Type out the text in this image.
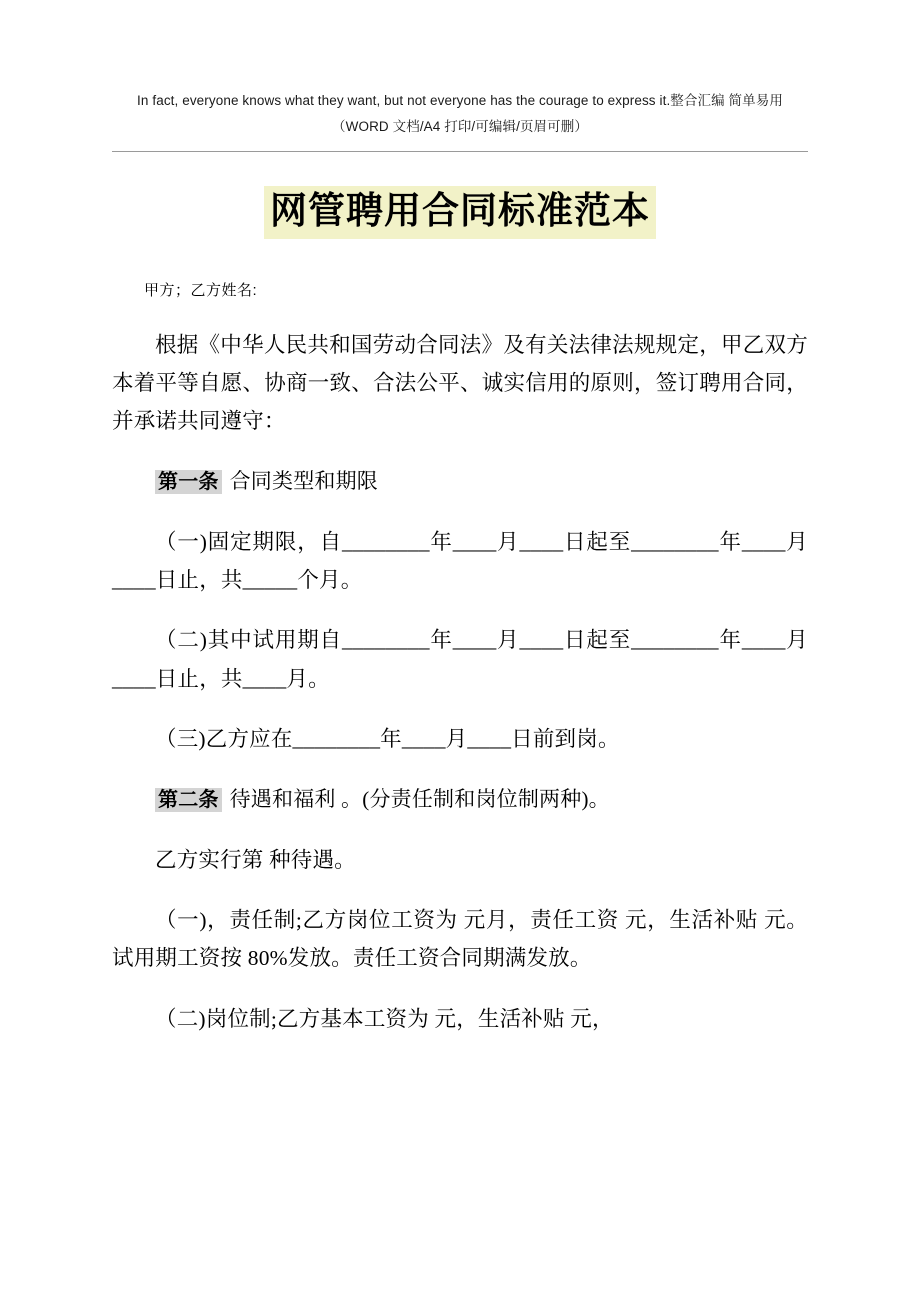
In fact, everyone knows what they want, but not everyone has the courage to express it.整合汇编 简单易用
（WORD 文档/A4 打印/可编辑/页眉可删）
网管聘用合同标准范本
甲方；乙方姓名:

根据《中华人民共和国劳动合同法》及有关法律法规规定，甲乙双方本着平等自愿、协商一致、合法公平、诚实信用的原则，签订聘用合同，并承诺共同遵守：

第一条 合同类型和期限

（一)固定期限，自________年____月____日起至________年____月____日止，共_____个月。

（二)其中试用期自________年____月____日起至________年____月____日止，共____月。

（三)乙方应在________年____月____日前到岗。

第二条 待遇和福利 。(分责任制和岗位制两种)。

乙方实行第 种待遇。

（一)，责任制;乙方岗位工资为 元月，责任工资 元，生活补贴 元。试用期工资按 80%发放。责任工资合同期满发放。

（二)岗位制;乙方基本工资为 元，生活补贴 元，
